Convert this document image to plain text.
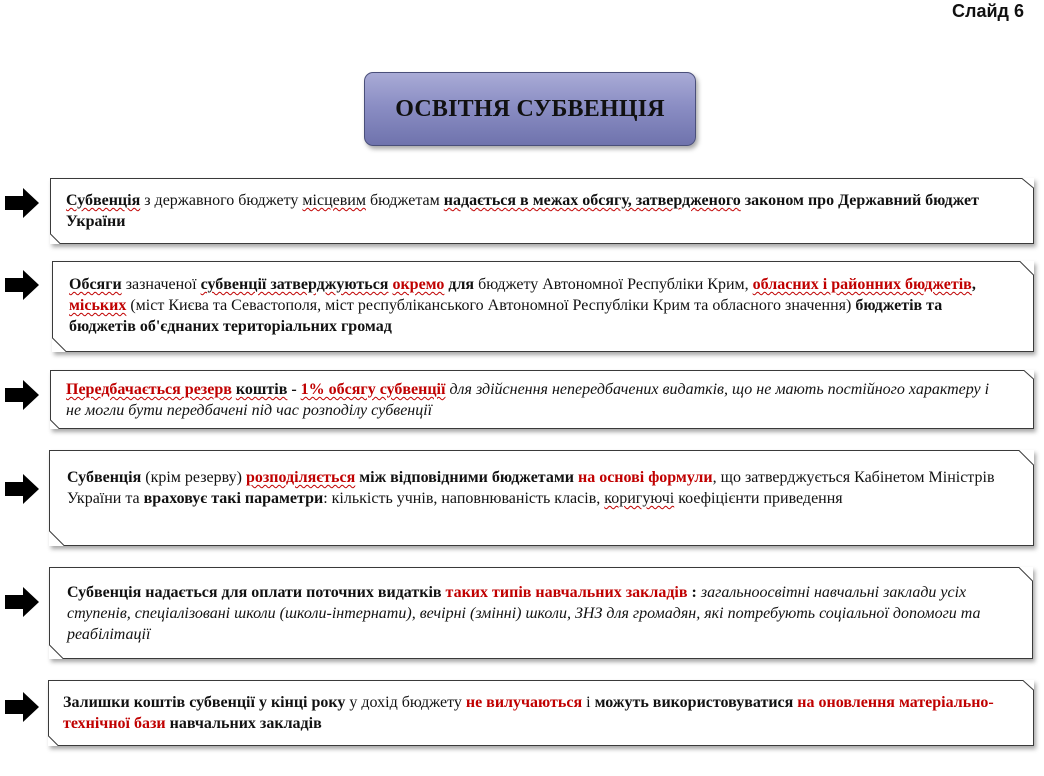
Слайд 6
ОСВІТНЯ СУБВЕНЦІЯ
Субвенція з державного бюджету місцевим бюджетам надається в межах обсягу, затвердженого законом про Державний бюджет України
Обсяги зазначеної субвенції затверджуються окремо для бюджету Автономної Республіки Крим, обласних і районних бюджетів, міських (міст Києва та Севастополя, міст республіканського Автономної Республіки Крим та обласного значення) бюджетів та бюджетів об'єднаних територіальних громад
Передбачається резерв коштів - 1% обсягу субвенції для здійснення непередбачених видатків, що не мають постійного характеру і не могли бути передбачені під час розподілу субвенції
Субвенція (крім резерву) розподіляється між відповідними бюджетами на основі формули, що затверджується Кабінетом Міністрів України та враховує такі параметри: кількість учнів, наповнюваність класів, коригуючі коефіцієнти приведення
Субвенція надається для оплати поточних видатків таких типів навчальних закладів : загальноосвітні навчальні заклади усіх ступенів, спеціалізовані школи (школи-інтернати), вечірні (змінні) школи, ЗНЗ для громадян, які потребують соціальної допомоги та реабілітації
Залишки коштів субвенції у кінці року у дохід бюджету не вилучаються і можуть використовуватися на оновлення матеріально-технічної бази навчальних закладів
